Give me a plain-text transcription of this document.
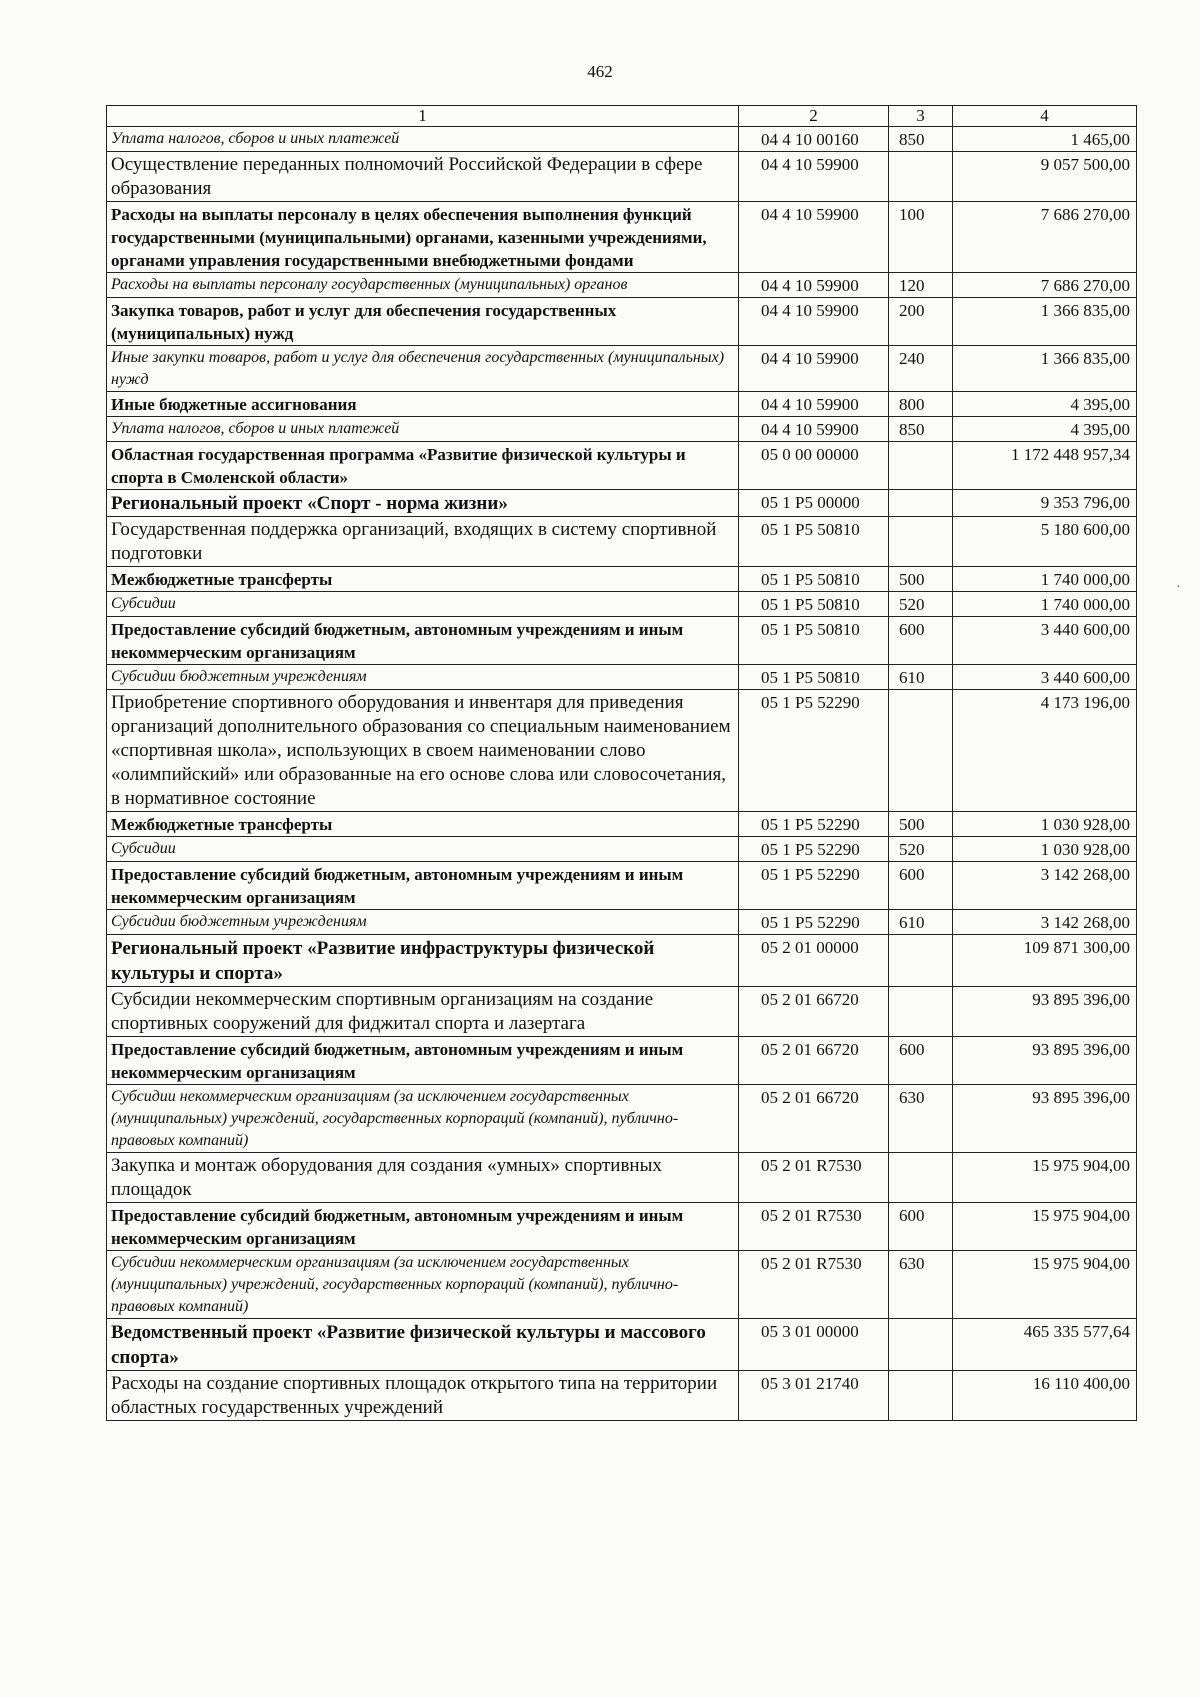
462
1	2	3	4
Уплата налогов, сборов и иных платежей	04 4 10 00160	850	1 465,00
Осуществление переданных полномочий Российской Федерации в сфере образования	04 4 10 59900		9 057 500,00
Расходы на выплаты персоналу в целях обеспечения выполнения функций государственными (муниципальными) органами, казенными учреждениями, органами управления государственными внебюджетными фондами	04 4 10 59900	100	7 686 270,00
Расходы на выплаты персоналу государственных (муниципальных) органов	04 4 10 59900	120	7 686 270,00
Закупка товаров, работ и услуг для обеспечения государственных (муниципальных) нужд	04 4 10 59900	200	1 366 835,00
Иные закупки товаров, работ и услуг для обеспечения государственных (муниципальных) нужд	04 4 10 59900	240	1 366 835,00
Иные бюджетные ассигнования	04 4 10 59900	800	4 395,00
Уплата налогов, сборов и иных платежей	04 4 10 59900	850	4 395,00
Областная государственная программа «Развитие физической культуры и спорта в Смоленской области»	05 0 00 00000		1 172 448 957,34
Региональный проект «Спорт - норма жизни»	05 1 P5 00000		9 353 796,00
Государственная поддержка организаций, входящих в систему спортивной подготовки	05 1 P5 50810		5 180 600,00
Межбюджетные трансферты	05 1 P5 50810	500	1 740 000,00
Субсидии	05 1 P5 50810	520	1 740 000,00
Предоставление субсидий бюджетным, автономным учреждениям и иным некоммерческим организациям	05 1 P5 50810	600	3 440 600,00
Субсидии бюджетным учреждениям	05 1 P5 50810	610	3 440 600,00
Приобретение спортивного оборудования и инвентаря для приведения организаций дополнительного образования со специальным наименованием «спортивная школа», использующих в своем наименовании слово «олимпийский» или образованные на его основе слова или словосочетания, в нормативное состояние	05 1 P5 52290		4 173 196,00
Межбюджетные трансферты	05 1 P5 52290	500	1 030 928,00
Субсидии	05 1 P5 52290	520	1 030 928,00
Предоставление субсидий бюджетным, автономным учреждениям и иным некоммерческим организациям	05 1 P5 52290	600	3 142 268,00
Субсидии бюджетным учреждениям	05 1 P5 52290	610	3 142 268,00
Региональный проект «Развитие инфраструктуры физической культуры и спорта»	05 2 01 00000		109 871 300,00
Субсидии некоммерческим спортивным организациям на создание спортивных сооружений для фиджитал спорта и лазертага	05 2 01 66720		93 895 396,00
Предоставление субсидий бюджетным, автономным учреждениям и иным некоммерческим организациям	05 2 01 66720	600	93 895 396,00
Субсидии некоммерческим организациям (за исключением государственных (муниципальных) учреждений, государственных корпораций (компаний), публично-правовых компаний)	05 2 01 66720	630	93 895 396,00
Закупка и монтаж оборудования для создания «умных» спортивных площадок	05 2 01 R7530		15 975 904,00
Предоставление субсидий бюджетным, автономным учреждениям и иным некоммерческим организациям	05 2 01 R7530	600	15 975 904,00
Субсидии некоммерческим организациям (за исключением государственных (муниципальных) учреждений, государственных корпораций (компаний), публично-правовых компаний)	05 2 01 R7530	630	15 975 904,00
Ведомственный проект «Развитие физической культуры и массового спорта»	05 3 01 00000		465 335 577,64
Расходы на создание спортивных площадок открытого типа на территории областных государственных учреждений	05 3 01 21740		16 110 400,00
·
